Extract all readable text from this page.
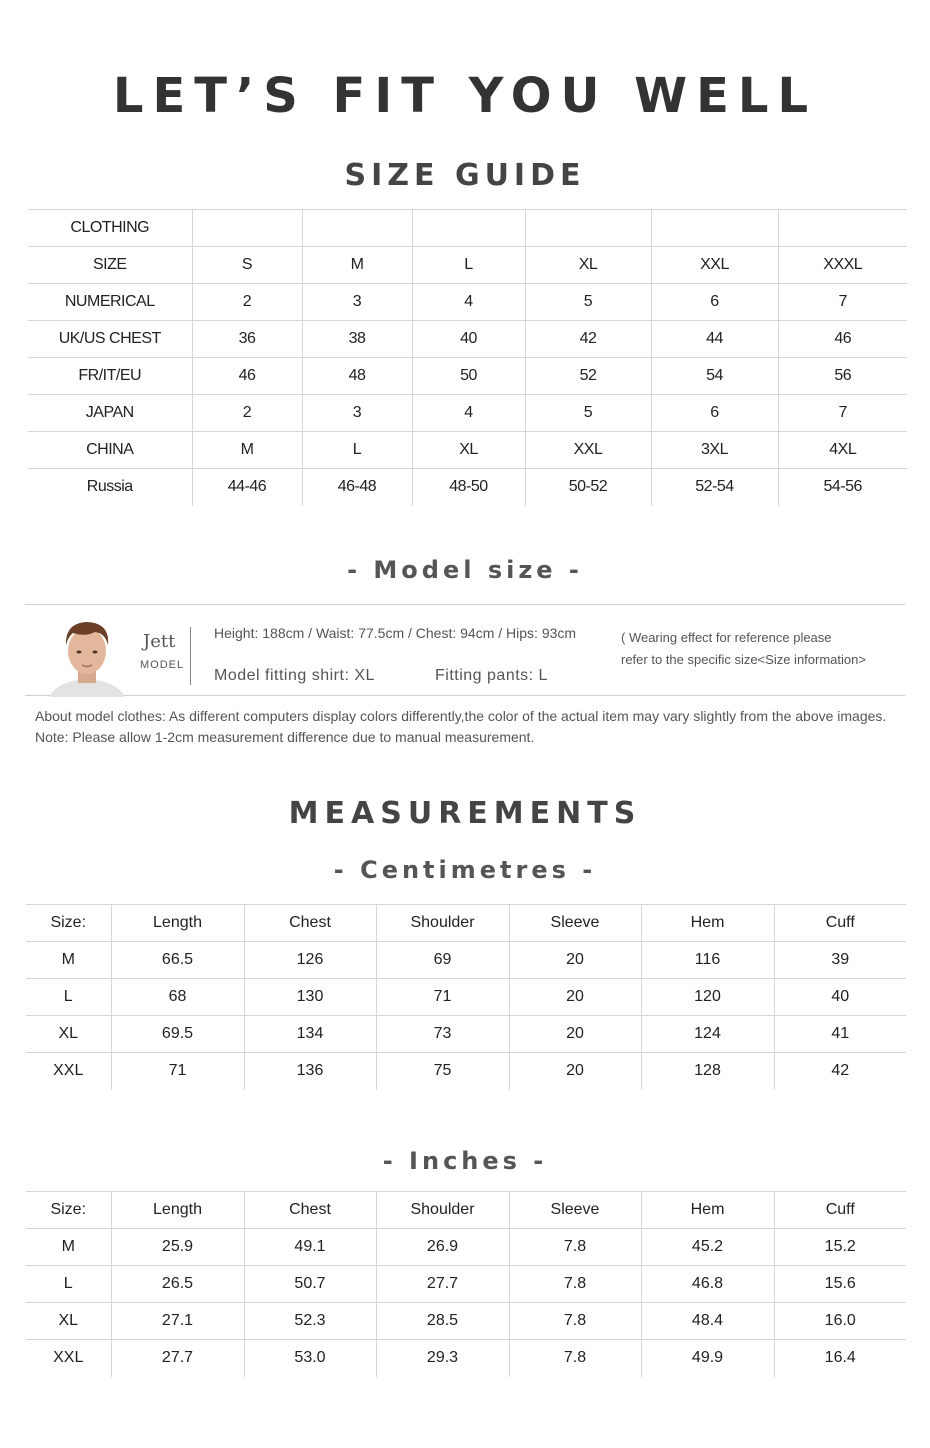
LET’S FIT YOU WELL
SIZE GUIDE
CLOTHING						
SIZE	S	M	L	XL	XXL	XXXL
NUMERICAL	2	3	4	5	6	7
UK/US CHEST	36	38	40	42	44	46
FR/IT/EU	46	48	50	52	54	56
JAPAN	2	3	4	5	6	7
CHINA	M	L	XL	XXL	3XL	4XL
Russia	44-46	46-48	48-50	50-52	52-54	54-56
- Model size -
Jett
MODEL
Height: 188cm / Waist: 77.5cm / Chest: 94cm / Hips: 93cm
Model fitting shirt: XL	Fitting pants: L
( Wearing effect for reference please
refer to the specific size<Size information>
About model clothes: As different computers display colors differently,the color of the actual item may vary slightly from the above images.
Note: Please allow 1-2cm measurement difference due to manual measurement.
MEASUREMENTS
- Centimetres -
Size:	Length	Chest	Shoulder	Sleeve	Hem	Cuff
M	66.5	126	69	20	116	39
L	68	130	71	20	120	40
XL	69.5	134	73	20	124	41
XXL	71	136	75	20	128	42
- Inches -
Size:	Length	Chest	Shoulder	Sleeve	Hem	Cuff
M	25.9	49.1	26.9	7.8	45.2	15.2
L	26.5	50.7	27.7	7.8	46.8	15.6
XL	27.1	52.3	28.5	7.8	48.4	16.0
XXL	27.7	53.0	29.3	7.8	49.9	16.4
